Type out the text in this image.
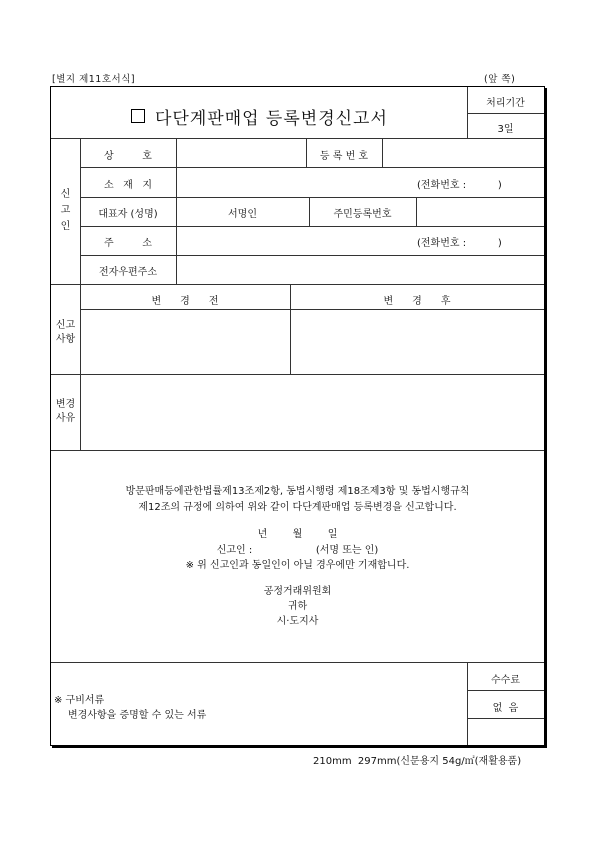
[별지 제11호서식]	(앞 쪽)
다단계판매업 등록변경신고서
처리기간
3일
신
고
인
상         호	등 록 번 호
소   재   지	(전화번호 :          )
대표자 (성명)	서명인	주민등록번호
주         소	(전화번호 :          )
전자우편주소
신고
사항
변      경      전	변      경      후
변경
사유
방문판매등에관한법률제13조제2항, 동법시행령 제18조제3항 및 동법시행규칙
제12조의 규정에 의하여 위와 같이 다단계판매업 등록변경을 신고합니다.
년        월        일
신고인 :                    (서명 또는 인)
※ 위 신고인과 동일인이 아닐 경우에만 기재합니다.
공정거래위원회
귀하
시·도지사
※ 구비서류
변경사항을 증명할 수 있는 서류
수수료
없  음
210mm  297mm(신문용지 54g/㎡(재활용품)
